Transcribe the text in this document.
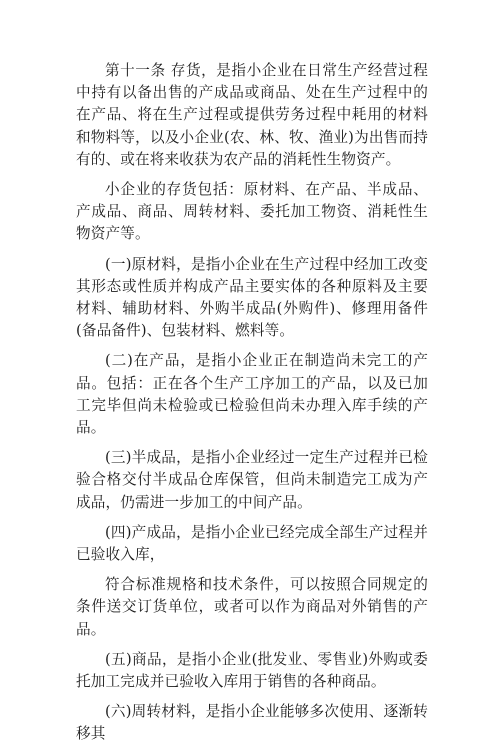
第十一条 存货，是指小企业在日常生产经营过程中持有以备出售的产成品或商品、处在生产过程中的在产品、将在生产过程或提供劳务过程中耗用的材料和物料等，以及小企业(农、林、牧、渔业)为出售而持有的、或在将来收获为农产品的消耗性生物资产。

小企业的存货包括：原材料、在产品、半成品、产成品、商品、周转材料、委托加工物资、消耗性生物资产等。

(一)原材料，是指小企业在生产过程中经加工改变其形态或性质并构成产品主要实体的各种原料及主要材料、辅助材料、外购半成品(外购件)、修理用备件(备品备件)、包装材料、燃料等。

(二)在产品，是指小企业正在制造尚未完工的产品。包括：正在各个生产工序加工的产品，以及已加工完毕但尚未检验或已检验但尚未办理入库手续的产品。

(三)半成品，是指小企业经过一定生产过程并已检验合格交付半成品仓库保管，但尚未制造完工成为产成品，仍需进一步加工的中间产品。

(四)产成品，是指小企业已经完成全部生产过程并已验收入库，

符合标准规格和技术条件，可以按照合同规定的条件送交订货单位，或者可以作为商品对外销售的产品。

(五)商品，是指小企业(批发业、零售业)外购或委托加工完成并已验收入库用于销售的各种商品。

(六)周转材料，是指小企业能够多次使用、逐渐转移其
